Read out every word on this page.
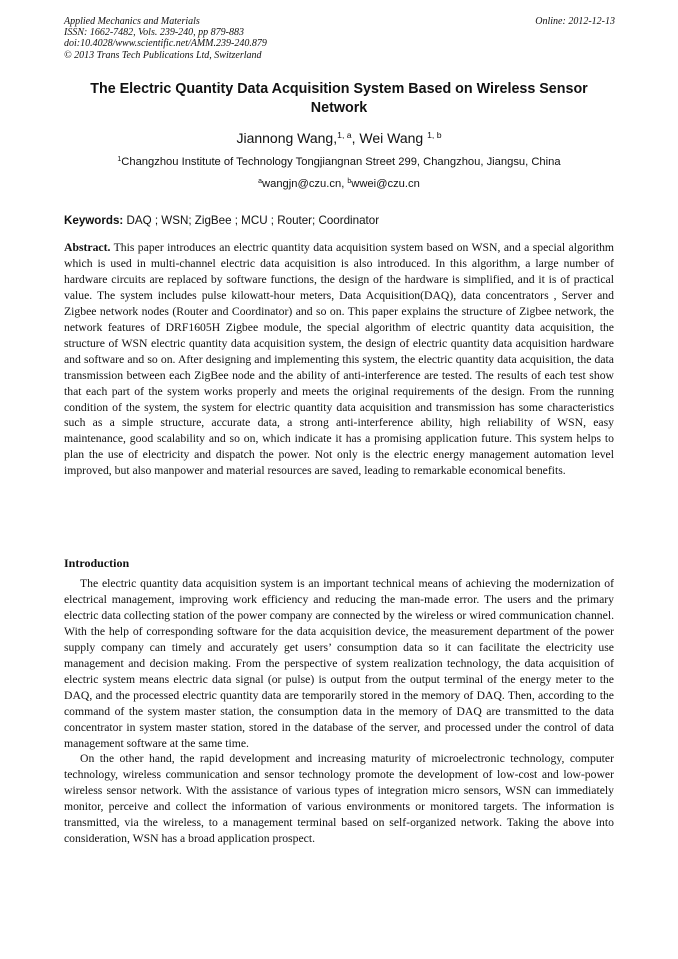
Applied Mechanics and Materials
ISSN: 1662-7482, Vols. 239-240, pp 879-883
doi:10.4028/www.scientific.net/AMM.239-240.879
© 2013 Trans Tech Publications Ltd, Switzerland
Online: 2012-12-13
The Electric Quantity Data Acquisition System Based on Wireless Sensor Network
Jiannong Wang,$^{1, a}$, Wei Wang $^{1, b}$
$^1$Changzhou Institute of Technology Tongjiangnan Street 299, Changzhou, Jiangsu, China
$^a$wangjn@czu.cn, $^b$wwei@czu.cn
Keywords: DAQ ; WSN; ZigBee ; MCU ; Router; Coordinator

Abstract. This paper introduces an electric quantity data acquisition system based on WSN, and a special algorithm which is used in multi-channel electric data acquisition is also introduced. In this algorithm, a large number of hardware circuits are replaced by software functions, the design of the hardware is simplified, and it is of practical value. The system includes pulse kilowatt-hour meters, Data Acquisition(DAQ), data concentrators , Server and Zigbee network nodes (Router and Coordinator) and so on. This paper explains the structure of Zigbee network, the network features of DRF1605H Zigbee module, the special algorithm of electric quantity data acquisition, the structure of WSN electric quantity data acquisition system, the design of electric quantity data acquisition hardware and software and so on. After designing and implementing this system, the electric quantity data acquisition, the data transmission between each ZigBee node and the ability of anti-interference are tested. The results of each test show that each part of the system works properly and meets the original requirements of the design. From the running condition of the system, the system for electric quantity data acquisition and transmission has some characteristics such as a simple structure, accurate data, a strong anti-interference ability, high reliability of WSN, easy maintenance, good scalability and so on, which indicate it has a promising application future. This system helps to plan the use of electricity and dispatch the power. Not only is the electric energy management automation level improved, but also manpower and material resources are saved, leading to remarkable economical benefits.

Introduction

The electric quantity data acquisition system is an important technical means of achieving the modernization of electrical management, improving work efficiency and reducing the man-made error. The users and the primary electric data collecting station of the power company are connected by the wireless or wired communication channel. With the help of corresponding software for the data acquisition device, the measurement department of the power supply company can timely and accurately get users’ consumption data so it can facilitate the electricity use management and decision making. From the perspective of system realization technology, the data acquisition of electric system means electric data signal (or pulse) is output from the output terminal of the energy meter to the DAQ, and the processed electric quantity data are temporarily stored in the memory of DAQ. Then, according to the command of the system master station, the consumption data in the memory of DAQ are transmitted to the data concentrator in system master station, stored in the database of the server, and processed under the control of data management software at the same time.

On the other hand, the rapid development and increasing maturity of microelectronic technology, computer technology, wireless communication and sensor technology promote the development of low-cost and low-power wireless sensor network. With the assistance of various types of integration micro sensors, WSN can immediately monitor, perceive and collect the information of various environments or monitored targets. The information is transmitted, via the wireless, to a management terminal based on self-organized network. Taking the above into consideration, WSN has a broad application prospect.
